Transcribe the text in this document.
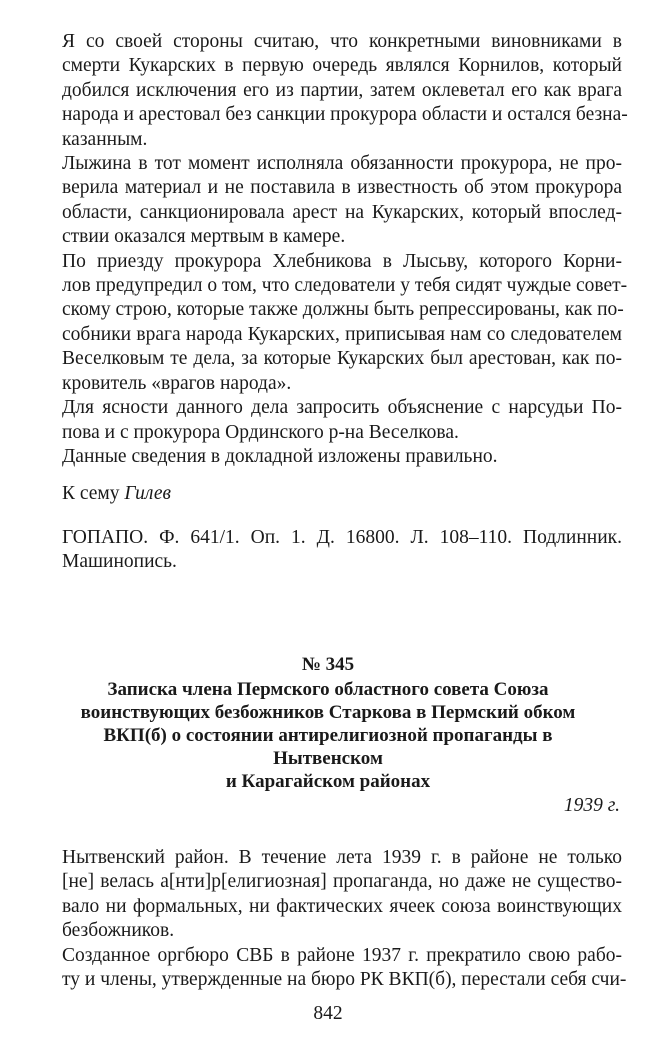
Я со своей стороны считаю, что конкретными виновниками в
смерти Кукарских в первую очередь являлся Корнилов, который
добился исключения его из партии, затем оклеветал его как врага
народа и арестовал без санкции прокурора области и остался безна-
казанным.
Лыжина в тот момент исполняла обязанности прокурора, не про-
верила материал и не поставила в известность об этом прокурора
области, санкционировала арест на Кукарских, который впослед-
ствии оказался мертвым в камере.
По приезду прокурора Хлебникова в Лысьву, которого Корни-
лов предупредил о том, что следователи у тебя сидят чуждые совет-
скому строю, которые также должны быть репрессированы, как по-
собники врага народа Кукарских, приписывая нам со следователем
Веселковым те дела, за которые Кукарских был арестован, как по-
кровитель «врагов народа».
Для ясности данного дела запросить объяснение с нарсудьи По-
пова и с прокурора Ординского р-на Веселкова.
Данные сведения в докладной изложены правильно.
К сему Гилев
ГОПАПО. Ф. 641/1. Оп. 1. Д. 16800. Л. 108–110. Подлинник.
Машинопись.
№ 345
Записка члена Пермского областного совета Союза
воинствующих безбожников Старкова в Пермский обком
ВКП(б) о состоянии антирелигиозной пропаганды в Нытвенском
и Карагайском районах
1939 г.
Нытвенский район. В течение лета 1939 г. в районе не только
[не] велась а[нти]р[елигиозная] пропаганда, но даже не существо-
вало ни формальных, ни фактических ячеек союза воинствующих
безбожников.
Созданное оргбюро СВБ в районе 1937 г. прекратило свою рабо-
ту и члены, утвержденные на бюро РК ВКП(б), перестали себя счи-
842
